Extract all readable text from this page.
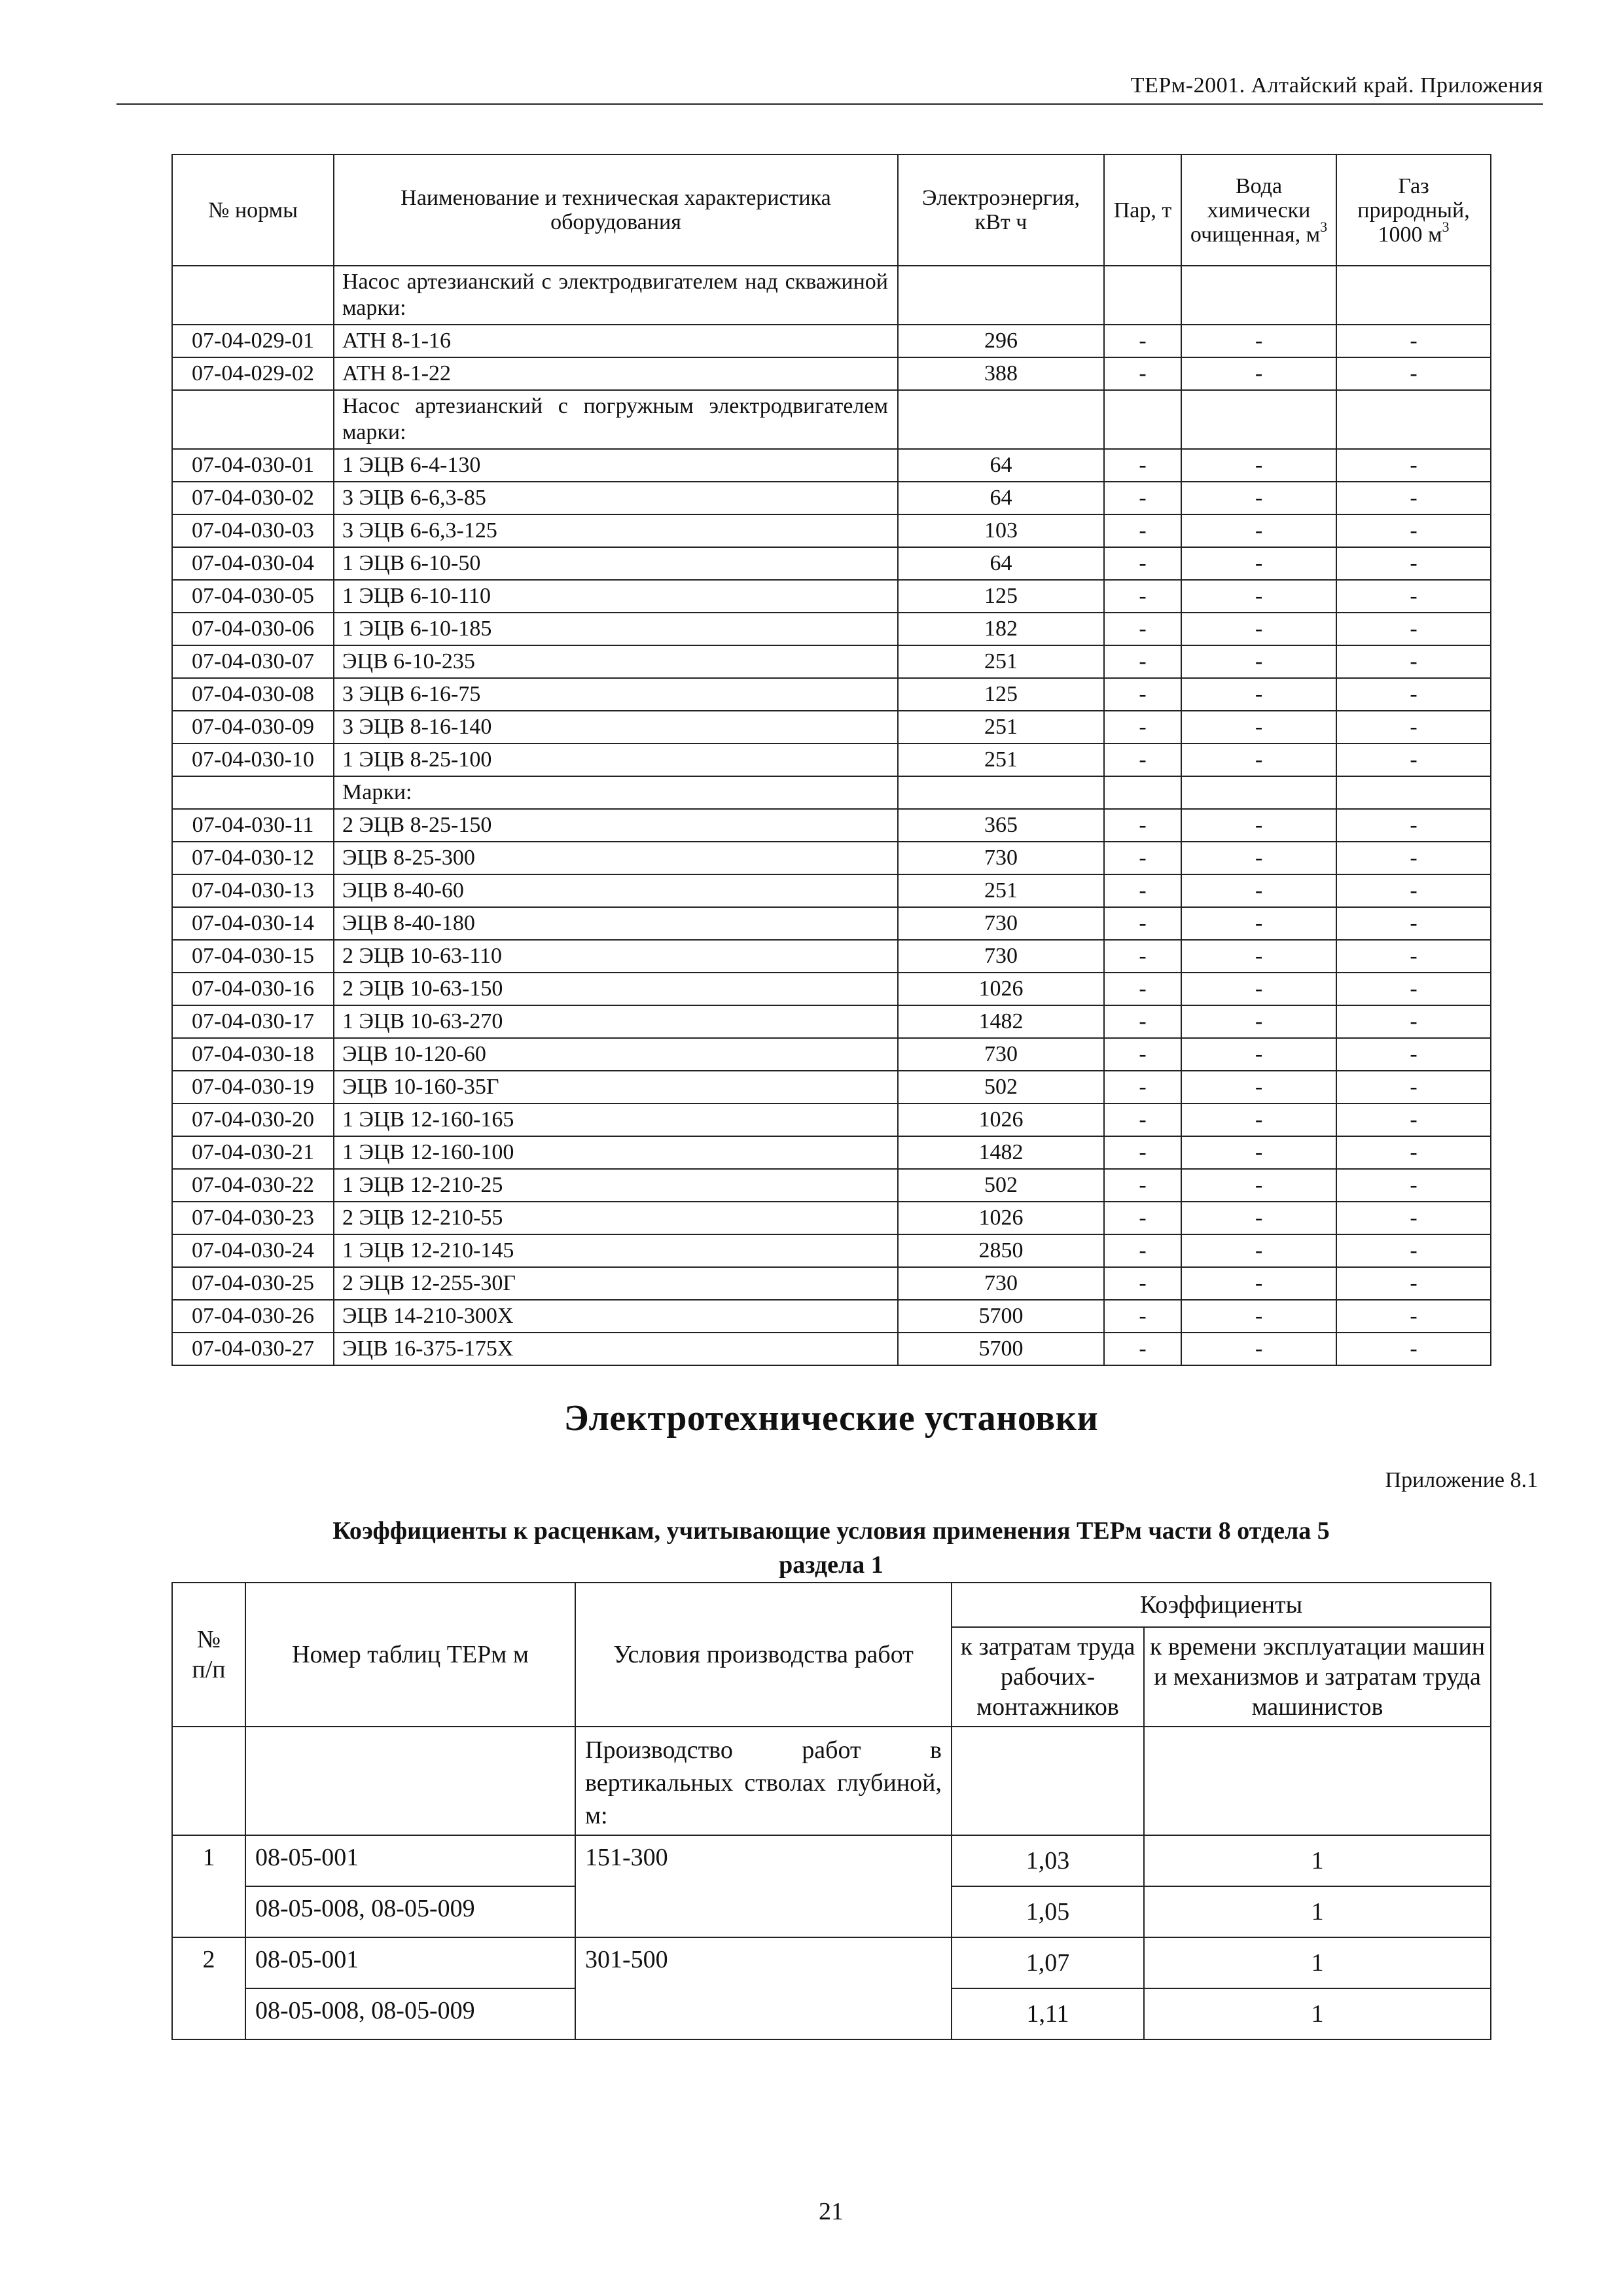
ТЕРм-2001. Алтайский край. Приложения
№ нормы	Наименование и техническая характеристика оборудования	Электроэнергия, кВт ч	Пар, т	Вода химически очищенная, $м^3$	Газ природный, 1000 $м^3$
	Насос артезианский с электродвигателем над скважиной марки:				
07-04-029-01	АТН 8-1-16	296	-	-	-
07-04-029-02	АТН 8-1-22	388	-	-	-
	Насос артезианский с погружным электродвигателем марки:				
07-04-030-01	1 ЭЦВ 6-4-130	64	-	-	-
07-04-030-02	3 ЭЦВ 6-6,3-85	64	-	-	-
07-04-030-03	3 ЭЦВ 6-6,3-125	103	-	-	-
07-04-030-04	1 ЭЦВ 6-10-50	64	-	-	-
07-04-030-05	1 ЭЦВ 6-10-110	125	-	-	-
07-04-030-06	1 ЭЦВ 6-10-185	182	-	-	-
07-04-030-07	ЭЦВ 6-10-235	251	-	-	-
07-04-030-08	3 ЭЦВ 6-16-75	125	-	-	-
07-04-030-09	3 ЭЦВ 8-16-140	251	-	-	-
07-04-030-10	1 ЭЦВ 8-25-100	251	-	-	-
	Марки:				
07-04-030-11	2 ЭЦВ 8-25-150	365	-	-	-
07-04-030-12	ЭЦВ 8-25-300	730	-	-	-
07-04-030-13	ЭЦВ 8-40-60	251	-	-	-
07-04-030-14	ЭЦВ 8-40-180	730	-	-	-
07-04-030-15	2 ЭЦВ 10-63-110	730	-	-	-
07-04-030-16	2 ЭЦВ 10-63-150	1026	-	-	-
07-04-030-17	1 ЭЦВ 10-63-270	1482	-	-	-
07-04-030-18	ЭЦВ 10-120-60	730	-	-	-
07-04-030-19	ЭЦВ 10-160-35Г	502	-	-	-
07-04-030-20	1 ЭЦВ 12-160-165	1026	-	-	-
07-04-030-21	1 ЭЦВ 12-160-100	1482	-	-	-
07-04-030-22	1 ЭЦВ 12-210-25	502	-	-	-
07-04-030-23	2 ЭЦВ 12-210-55	1026	-	-	-
07-04-030-24	1 ЭЦВ 12-210-145	2850	-	-	-
07-04-030-25	2 ЭЦВ 12-255-30Г	730	-	-	-
07-04-030-26	ЭЦВ 14-210-300Х	5700	-	-	-
07-04-030-27	ЭЦВ 16-375-175Х	5700	-	-	-
Электротехнические установки
Приложение 8.1
Коэффициенты к расценкам, учитывающие условия применения ТЕРм части 8 отдела 5
раздела 1
№ п/п	Номер таблиц ТЕРм м	Условия производства работ	Коэффициенты	
			к затратам труда рабочих-монтажников	к времени эксплуатации машин и механизмов и затратам труда машинистов
		Производство работ в вертикальных стволах глубиной, м:		
1	08-05-001	151-300	1,03	1
	08-05-008, 08-05-009		1,05	1
2	08-05-001	301-500	1,07	1
	08-05-008, 08-05-009		1,11	1
21
